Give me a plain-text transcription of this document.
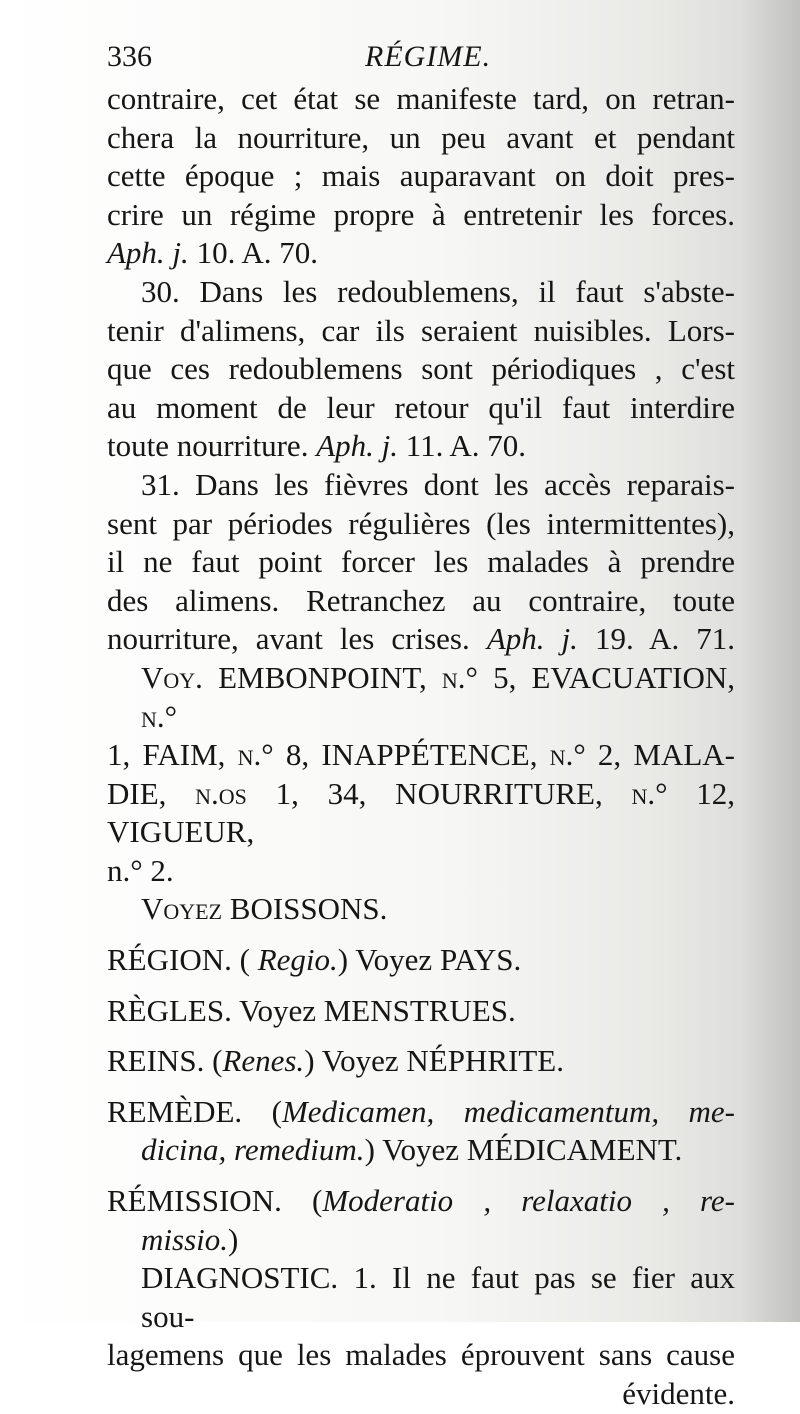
336	RÉGIME.
contraire, cet état se manifeste tard, on retran-
chera la nourriture, un peu avant et pendant
cette époque ; mais auparavant on doit pres-
crire un régime propre à entretenir les forces.
Aph. j. 10. A. 70.
30. Dans les redoublemens, il faut s'abste-
tenir d'alimens, car ils seraient nuisibles. Lors-
que ces redoublemens sont périodiques , c'est
au moment de leur retour qu'il faut interdire
toute nourriture. Aph. j. 11. A. 70.
31. Dans les fièvres dont les accès reparais-
sent par périodes régulières (les intermittentes),
il ne faut point forcer les malades à prendre
des alimens. Retranchez au contraire, toute
nourriture, avant les crises. Aph. j. 19. A. 71.
Voy. EMBONPOINT, n.° 5, EVACUATION, n.°
1, FAIM, n.° 8, INAPPÉTENCE, n.° 2, MALA-
DIE, n.os 1, 34, NOURRITURE, n.° 12, VIGUEUR,
n.° 2.
Voyez BOISSONS.
RÉGION. ( Regio.) Voyez PAYS.
RÈGLES. Voyez MENSTRUES.
REINS. (Renes.) Voyez NÉPHRITE.
REMÈDE. (Medicamen, medicamentum, me-
dicina, remedium.) Voyez MÉDICAMENT.
RÉMISSION. (Moderatio , relaxatio , re-
missio.)
DIAGNOSTIC. 1. Il ne faut pas se fier aux sou-
lagemens que les malades éprouvent sans cause
évidente.
